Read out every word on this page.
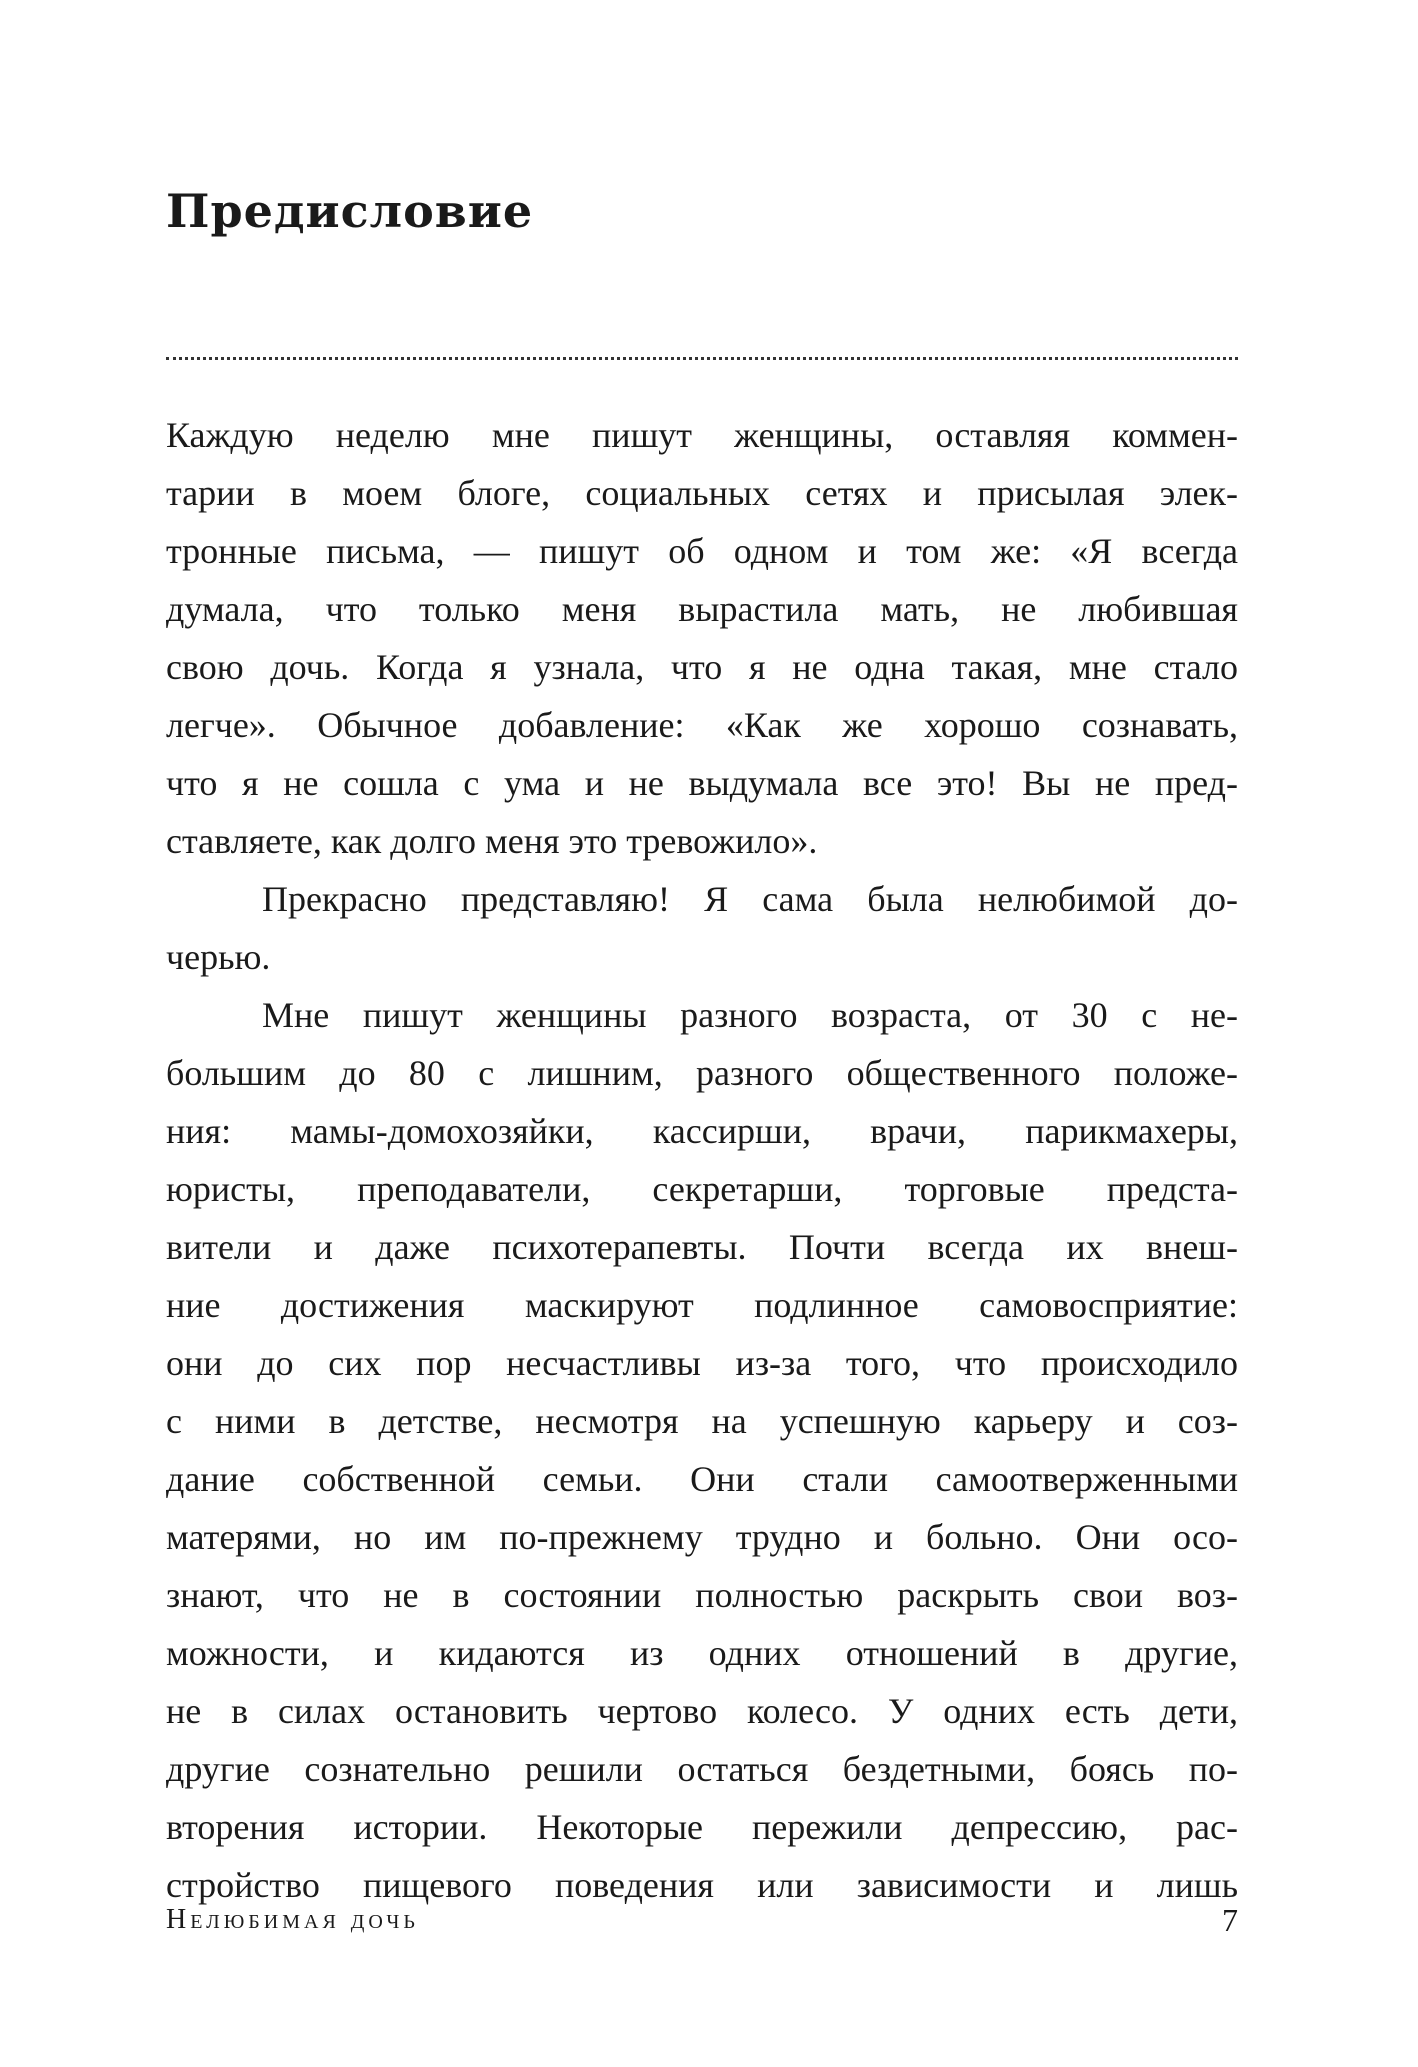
Предисловие
Каждую неделю мне пишут женщины, оставляя коммен-
тарии в моем блоге, социальных сетях и присылая элек-
тронные письма, — пишут об одном и том же: «Я всегда
думала, что только меня вырастила мать, не любившая
свою дочь. Когда я узнала, что я не одна такая, мне стало
легче». Обычное добавление: «Как же хорошо сознавать,
что я не сошла с ума и не выдумала все это! Вы не пред-
ставляете, как долго меня это тревожило».
Прекрасно представляю! Я сама была нелюбимой до-
черью.
Мне пишут женщины разного возраста, от 30 с не-
большим до 80 с лишним, разного общественного положе-
ния: мамы-домохозяйки, кассирши, врачи, парикмахеры,
юристы, преподаватели, секретарши, торговые предста-
вители и даже психотерапевты. Почти всегда их внеш-
ние достижения маскируют подлинное самовосприятие:
они до сих пор несчастливы из-за того, что происходило
с ними в детстве, несмотря на успешную карьеру и соз-
дание собственной семьи. Они стали самоотверженными
матерями, но им по-прежнему трудно и больно. Они осо-
знают, что не в состоянии полностью раскрыть свои воз-
можности, и кидаются из одних отношений в другие,
не в силах остановить чертово колесо. У одних есть дети,
другие сознательно решили остаться бездетными, боясь по-
вторения истории. Некоторые пережили депрессию, рас-
стройство пищевого поведения или зависимости и лишь
Нелюбимая дочь	7
